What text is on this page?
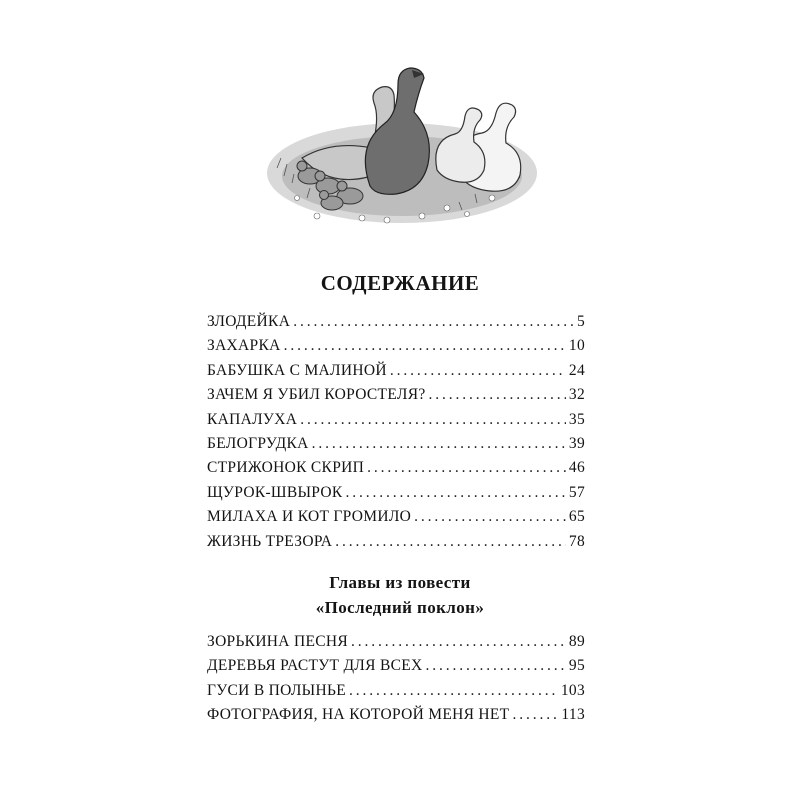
СОДЕРЖАНИЕ
ЗЛОДЕЙКА . . .	5
ЗАХАРКА . . .	10
БАБУШКА С МАЛИНОЙ . . .	24
ЗАЧЕМ Я УБИЛ КОРОСТЕЛЯ? . . .	32
КАПАЛУХА . . .	35
БЕЛОГРУДКА . . .	39
СТРИЖОНОК СКРИП . . .	46
ЩУРОК-ШВЫРОК . . .	57
МИЛАХА И КОТ ГРОМИЛО . . .	65
ЖИЗНЬ ТРЕЗОРА . . .	78
Главы из повести
«Последний поклон»
ЗОРЬКИНА ПЕСНЯ . . .	89
ДЕРЕВЬЯ РАСТУТ ДЛЯ ВСЕХ . . .	95
ГУСИ В ПОЛЫНЬЕ . . .	103
ФОТОГРАФИЯ, НА КОТОРОЙ МЕНЯ НЕТ . . .	113
